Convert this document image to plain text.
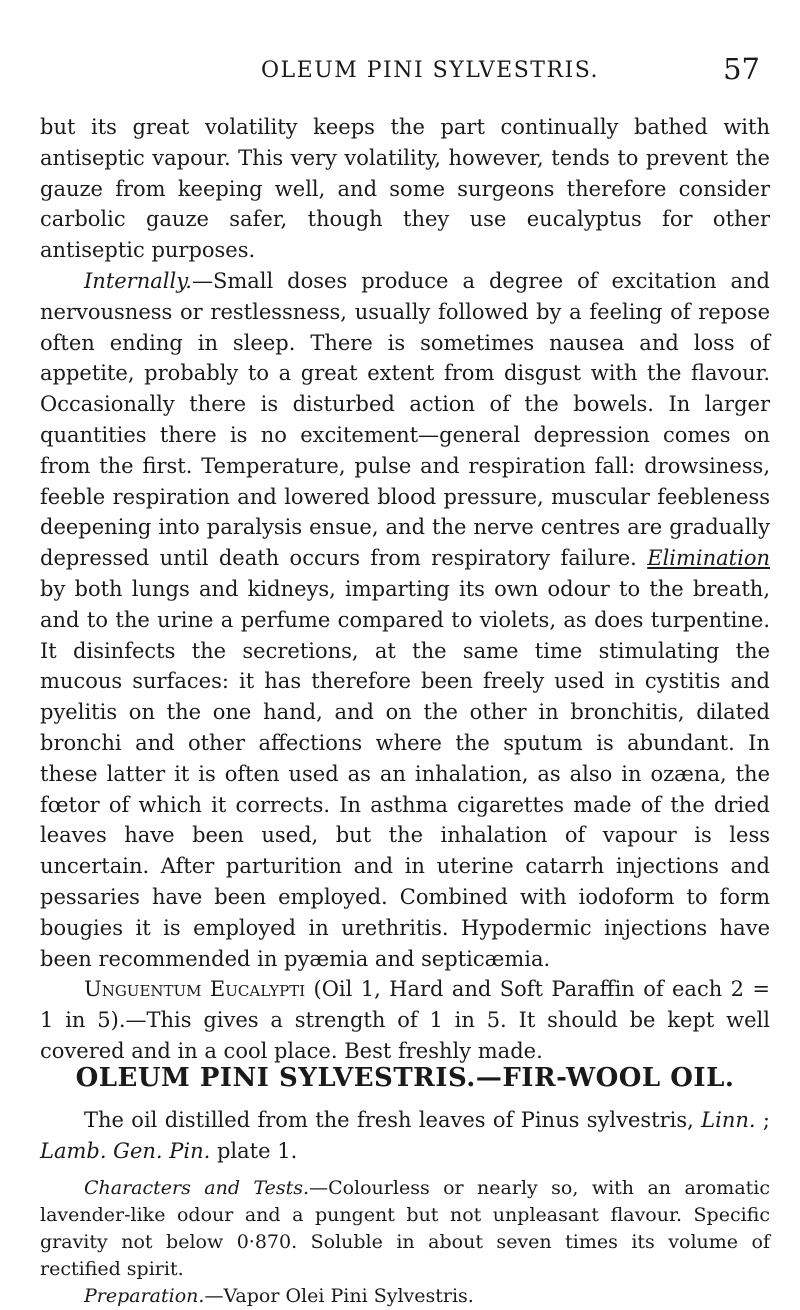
OLEUM PINI SYLVESTRIS.	57

but its great volatility keeps the part continually bathed with antiseptic vapour. This very volatility, however, tends to prevent the gauze from keeping well, and some surgeons therefore consider carbolic gauze safer, though they use eucalyptus for other antiseptic purposes.

Internally.—Small doses produce a degree of excitation and nervousness or restlessness, usually followed by a feeling of repose often ending in sleep. There is sometimes nausea and loss of appetite, probably to a great extent from disgust with the flavour. Occasionally there is disturbed action of the bowels. In larger quantities there is no excitement—general depression comes on from the first. Temperature, pulse and respiration fall: drowsiness, feeble respiration and lowered blood pressure, muscular feebleness deepening into paralysis ensue, and the nerve centres are gradually depressed until death occurs from respiratory failure. Elimination by both lungs and kidneys, imparting its own odour to the breath, and to the urine a perfume compared to violets, as does turpentine. It disinfects the secretions, at the same time stimulating the mucous surfaces: it has therefore been freely used in cystitis and pyelitis on the one hand, and on the other in bronchitis, dilated bronchi and other affections where the sputum is abundant. In these latter it is often used as an inhalation, as also in ozæna, the fœtor of which it corrects. In asthma cigarettes made of the dried leaves have been used, but the inhalation of vapour is less uncertain. After parturition and in uterine catarrh injections and pessaries have been employed. Combined with iodoform to form bougies it is employed in urethritis. Hypodermic injections have been recommended in pyæmia and septicæmia.

Unguentum Eucalypti (Oil 1, Hard and Soft Paraffin of each 2 = 1 in 5).—This gives a strength of 1 in 5. It should be kept well covered and in a cool place. Best freshly made.

OLEUM PINI SYLVESTRIS.—FIR-WOOL OIL.

The oil distilled from the fresh leaves of Pinus sylvestris, Linn. ; Lamb. Gen. Pin. plate 1.

Characters and Tests.—Colourless or nearly so, with an aromatic lavender-like odour and a pungent but not unpleasant flavour. Specific gravity not below 0·870. Soluble in about seven times its volume of rectified spirit.

Preparation.—Vapor Olei Pini Sylvestris.
